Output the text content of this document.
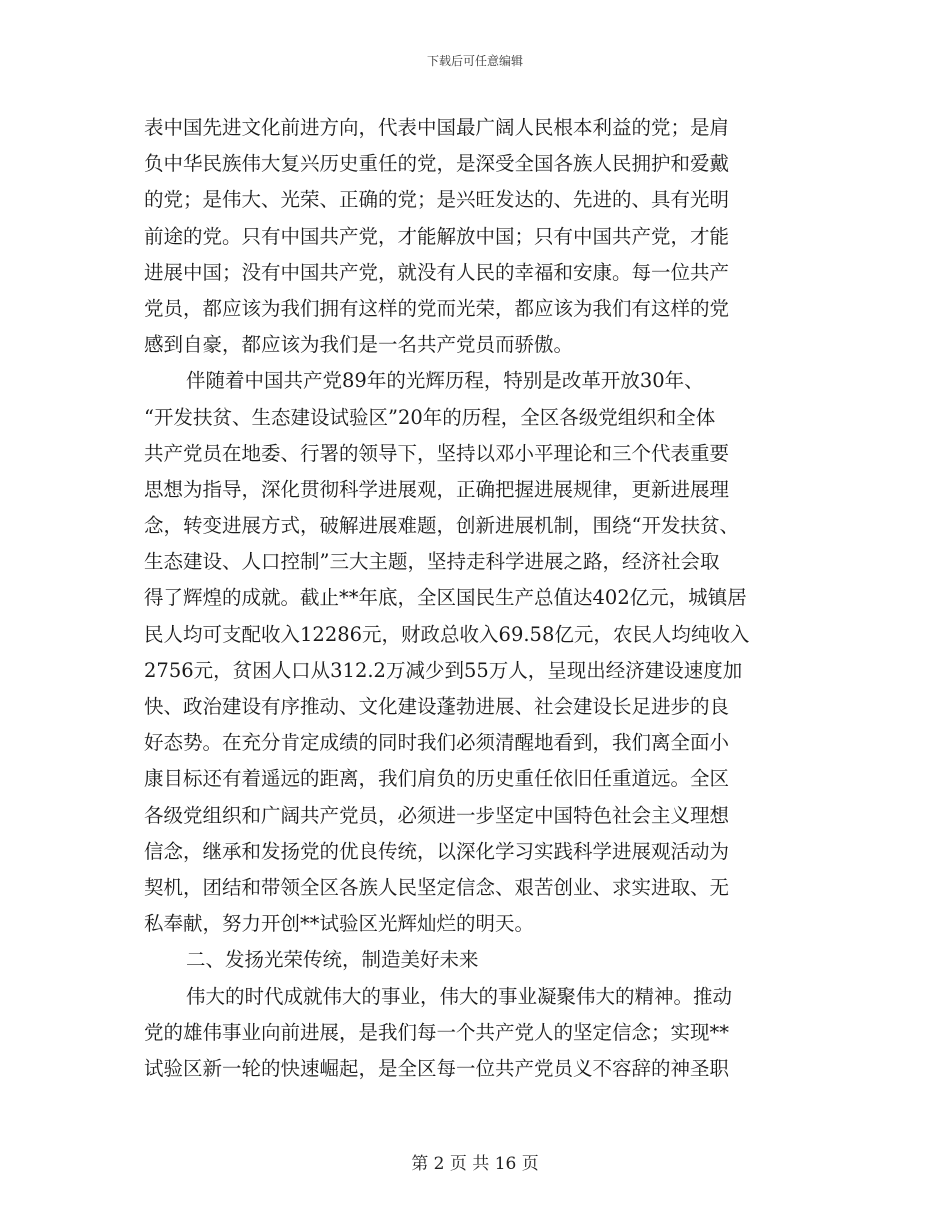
下载后可任意编辑
表中国先进文化前进方向，代表中国最广阔人民根本利益的党；是肩
负中华民族伟大复兴历史重任的党，是深受全国各族人民拥护和爱戴
的党；是伟大、光荣、正确的党；是兴旺发达的、先进的、具有光明
前途的党。只有中国共产党，才能解放中国；只有中国共产党，才能
进展中国；没有中国共产党，就没有人民的幸福和安康。每一位共产
党员，都应该为我们拥有这样的党而光荣，都应该为我们有这样的党
感到自豪，都应该为我们是一名共产党员而骄傲。
伴随着中国共产党89年的光辉历程，特别是改革开放30年、
“开发扶贫、生态建设试验区”20年的历程，全区各级党组织和全体
共产党员在地委、行署的领导下，坚持以邓小平理论和三个代表重要
思想为指导，深化贯彻科学进展观，正确把握进展规律，更新进展理
念，转变进展方式，破解进展难题，创新进展机制，围绕“开发扶贫、
生态建设、人口控制”三大主题，坚持走科学进展之路，经济社会取
得了辉煌的成就。截止**年底，全区国民生产总值达402亿元，城镇居
民人均可支配收入12286元，财政总收入69.58亿元，农民人均纯收入
2756元，贫困人口从312.2万减少到55万人，呈现出经济建设速度加
快、政治建设有序推动、文化建设蓬勃进展、社会建设长足进步的良
好态势。在充分肯定成绩的同时我们必须清醒地看到，我们离全面小
康目标还有着遥远的距离，我们肩负的历史重任依旧任重道远。全区
各级党组织和广阔共产党员，必须进一步坚定中国特色社会主义理想
信念，继承和发扬党的优良传统，以深化学习实践科学进展观活动为
契机，团结和带领全区各族人民坚定信念、艰苦创业、求实进取、无
私奉献，努力开创**试验区光辉灿烂的明天。
二、发扬光荣传统，制造美好未来
伟大的时代成就伟大的事业，伟大的事业凝聚伟大的精神。推动
党的雄伟事业向前进展，是我们每一个共产党人的坚定信念；实现**
试验区新一轮的快速崛起，是全区每一位共产党员义不容辞的神圣职
第 2 页 共 16 页
